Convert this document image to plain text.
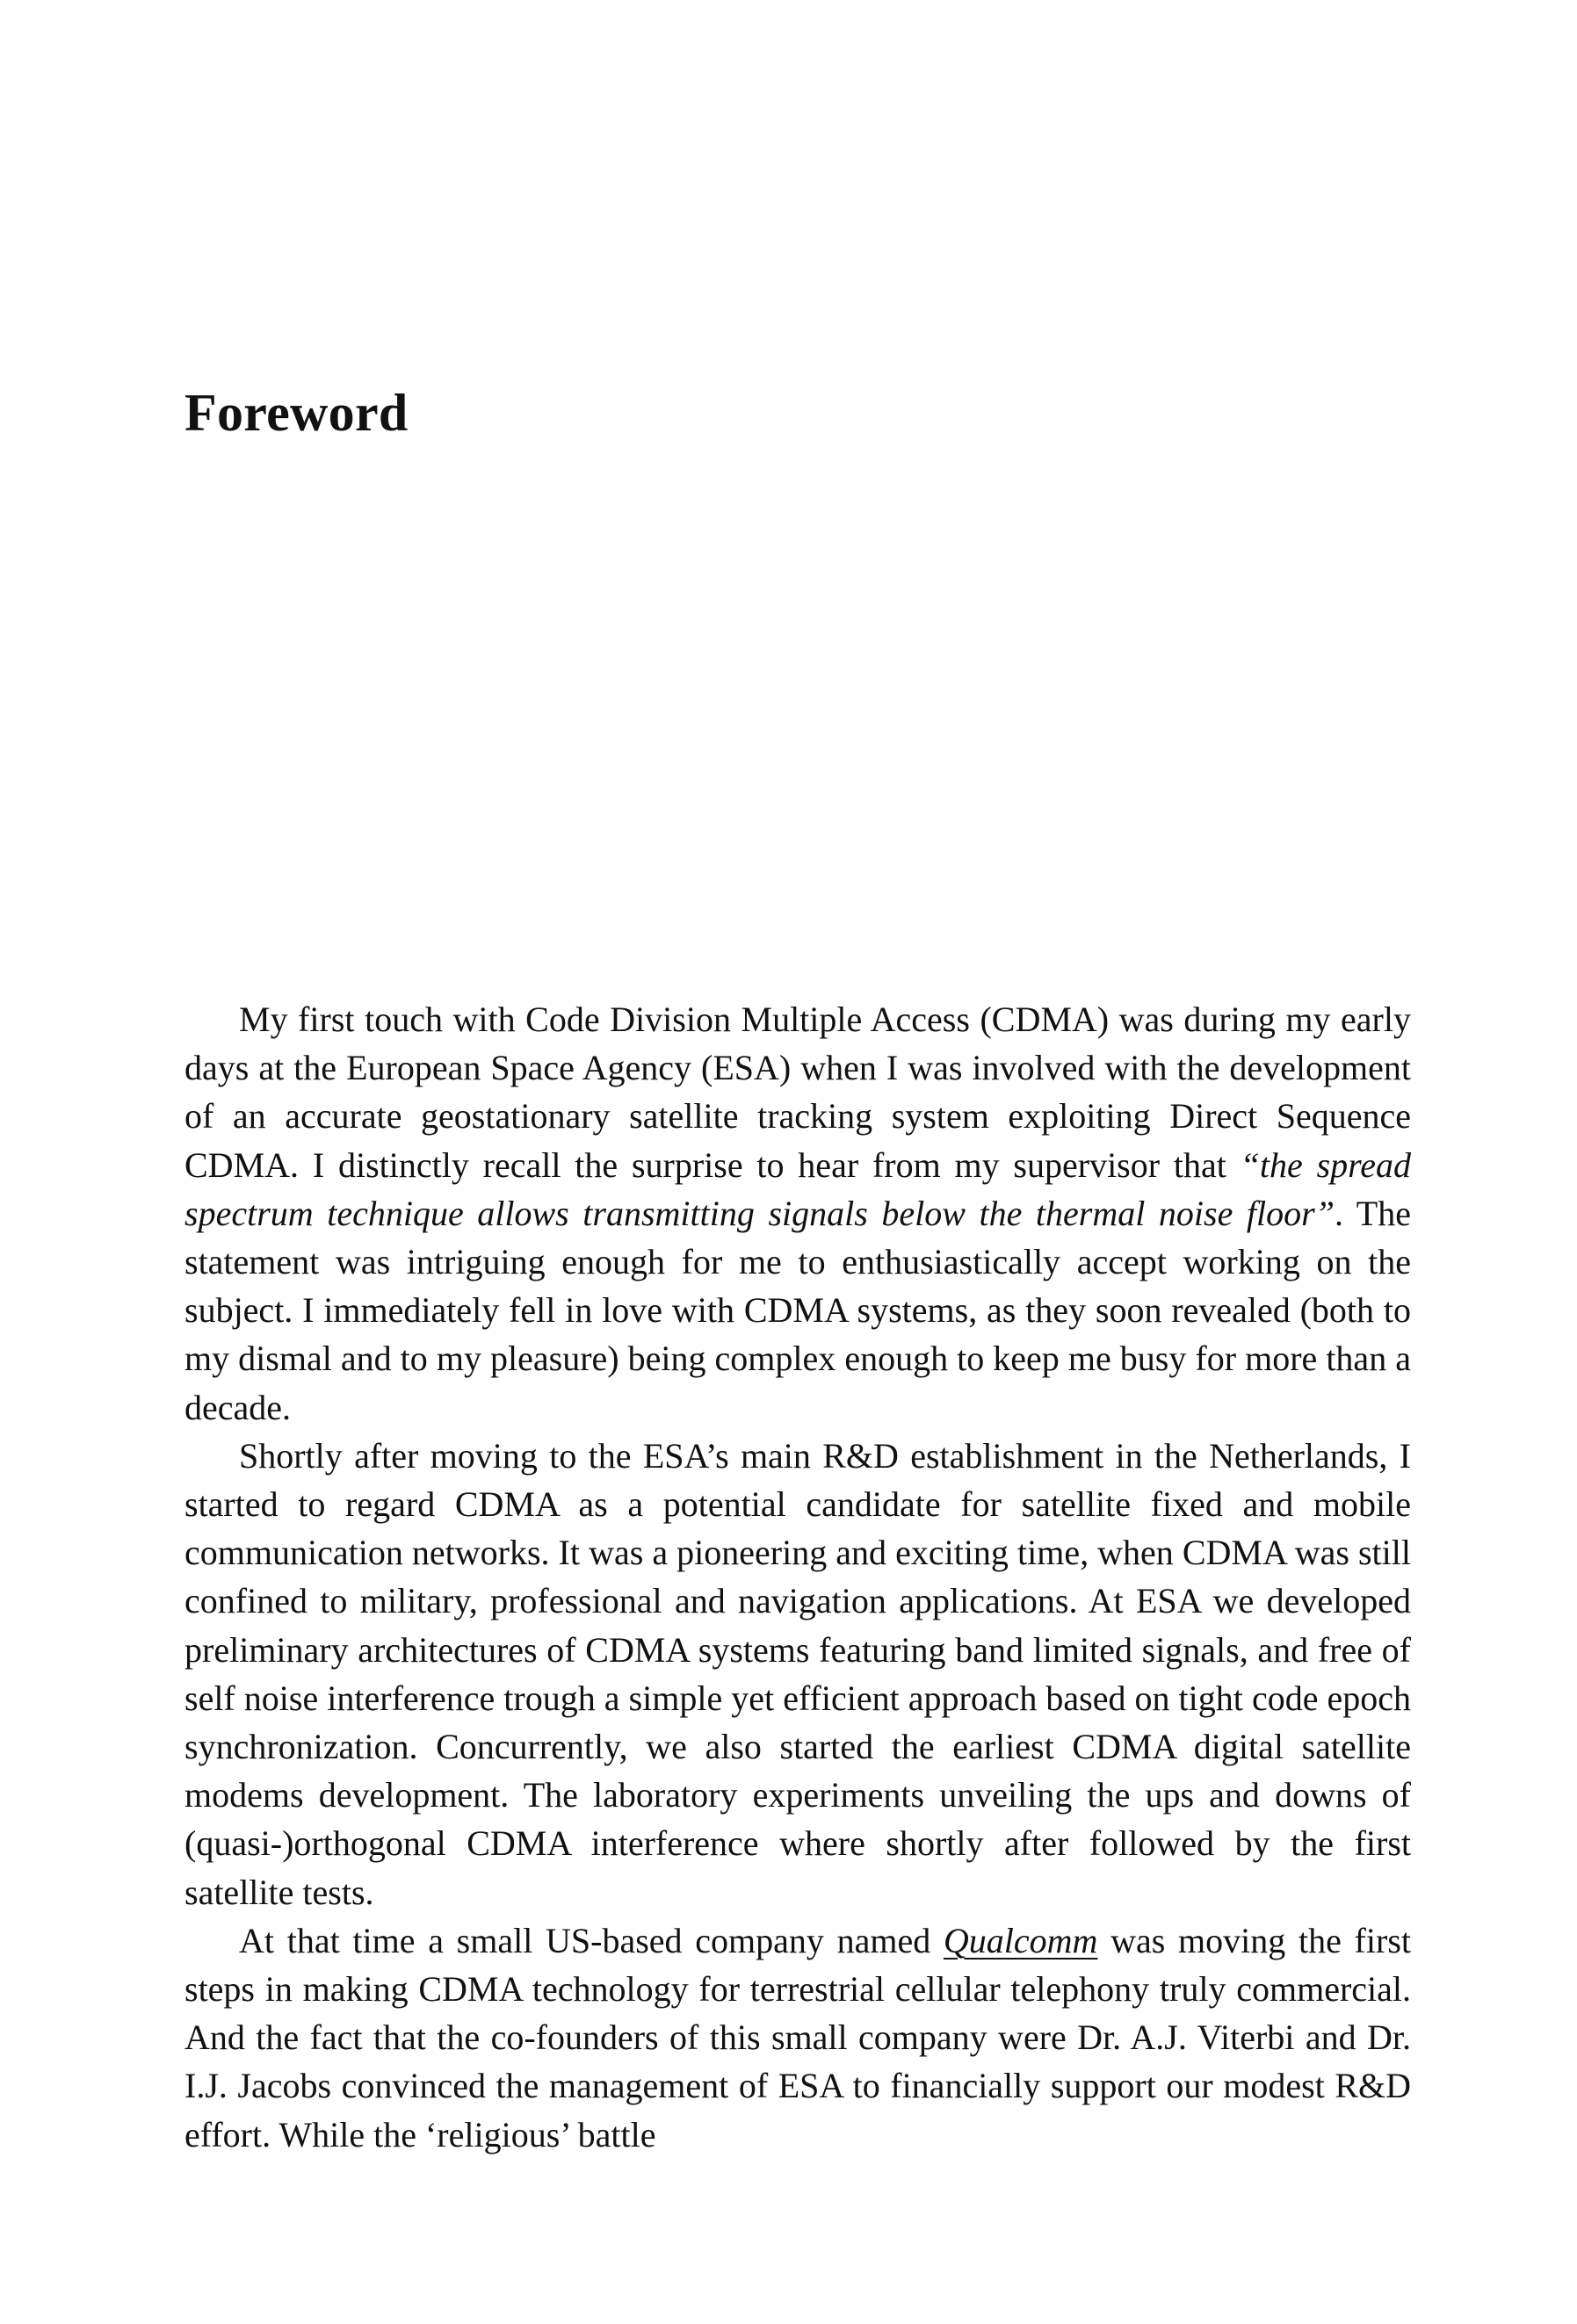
Foreword

My first touch with Code Division Multiple Access (CDMA) was during my early days at the European Space Agency (ESA) when I was involved with the development of an accurate geostationary satellite tracking system exploiting Direct Sequence CDMA. I distinctly recall the surprise to hear from my supervisor that “the spread spectrum technique allows transmitting signals below the thermal noise floor”. The statement was intriguing enough for me to enthusiastically accept working on the subject. I immediately fell in love with CDMA systems, as they soon revealed (both to my dismal and to my pleasure) being complex enough to keep me busy for more than a decade.

Shortly after moving to the ESA’s main R&D establishment in the Netherlands, I started to regard CDMA as a potential candidate for satellite fixed and mobile communication networks. It was a pioneering and exciting time, when CDMA was still confined to military, professional and navigation applications. At ESA we developed preliminary architectures of CDMA systems featuring band limited signals, and free of self noise interference trough a simple yet efficient approach based on tight code epoch synchronization. Concurrently, we also started the earliest CDMA digital satellite modems development. The laboratory experiments unveiling the ups and downs of (quasi-)orthogonal CDMA interference where shortly after followed by the first satellite tests.

At that time a small US-based company named Qualcomm was moving the first steps in making CDMA technology for terrestrial cellular telephony truly commercial. And the fact that the co-founders of this small company were Dr. A.J. Viterbi and Dr. I.J. Jacobs convinced the management of ESA to financially support our modest R&D effort. While the ‘religious’ battle
